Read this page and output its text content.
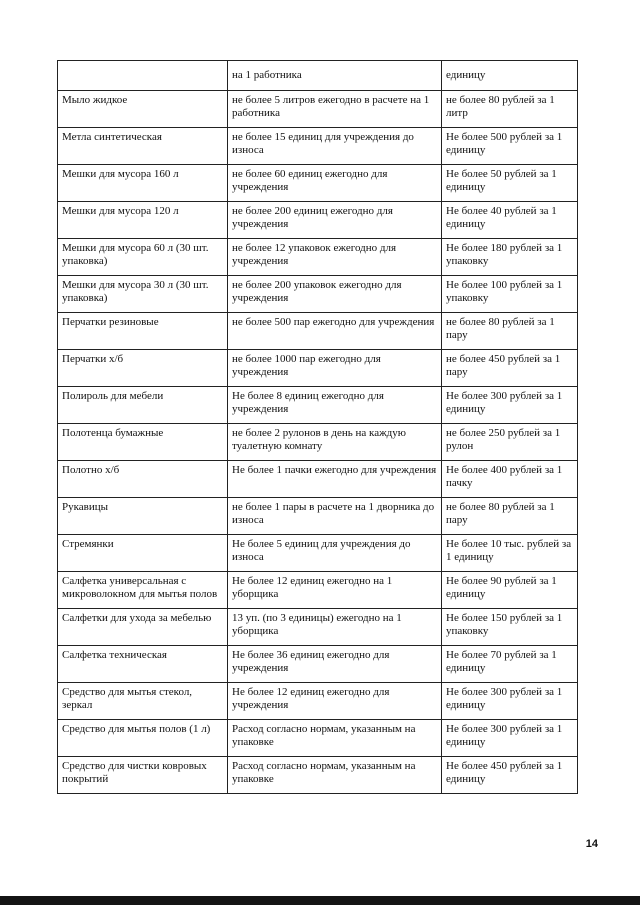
	на 1 работника	единицу
Мыло жидкое	не более 5 литров ежегодно в расчете на 1 работника	не более 80 рублей за 1 литр
Метла синтетическая	не более 15 единиц для учреждения до износа	Не более 500 рублей за 1 единицу
Мешки для мусора 160 л	не более 60 единиц ежегодно для учреждения	Не более 50 рублей за 1 единицу
Мешки для мусора 120 л	не более 200 единиц ежегодно для учреждения	Не более 40 рублей за 1 единицу
Мешки для мусора 60 л (30 шт. упаковка)	не более 12 упаковок ежегодно для учреждения	Не более 180 рублей за 1 упаковку
Мешки для мусора 30 л (30 шт. упаковка)	не более 200 упаковок ежегодно для учреждения	Не более 100 рублей за 1 упаковку
Перчатки резиновые	не более 500 пар ежегодно для учреждения	не более 80 рублей за 1 пару
Перчатки х/б	не более 1000 пар ежегодно для учреждения	не более 450 рублей за 1 пару
Полироль для мебели	Не более 8 единиц ежегодно для учреждения	Не более 300 рублей за 1 единицу
Полотенца бумажные	не более 2 рулонов в день на каждую туалетную комнату	не более 250 рублей за 1 рулон
Полотно х/б	Не более 1 пачки ежегодно для учреждения	Не более 400 рублей за 1 пачку
Рукавицы	не более 1 пары в расчете на 1 дворника до износа	не более 80 рублей за 1 пару
Стремянки	Не более 5 единиц для учреждения до износа	Не более 10 тыс. рублей за 1 единицу
Салфетка универсальная с микроволокном для мытья полов	Не более 12 единиц ежегодно на 1 уборщика	Не более 90 рублей за 1 единицу
Салфетки для ухода за мебелью	13 уп. (по 3 единицы) ежегодно на 1 уборщика	Не более 150 рублей за 1 упаковку
Салфетка техническая	Не более 36 единиц ежегодно для учреждения	Не более 70 рублей за 1 единицу
Средство для мытья стекол, зеркал	Не более 12 единиц ежегодно для учреждения	Не более 300 рублей за 1 единицу
Средство для мытья полов (1 л)	Расход согласно нормам, указанным на упаковке	Не более 300 рублей за 1 единицу
Средство для чистки ковровых покрытий	Расход согласно нормам, указанным на упаковке	Не более 450 рублей за 1 единицу
14
